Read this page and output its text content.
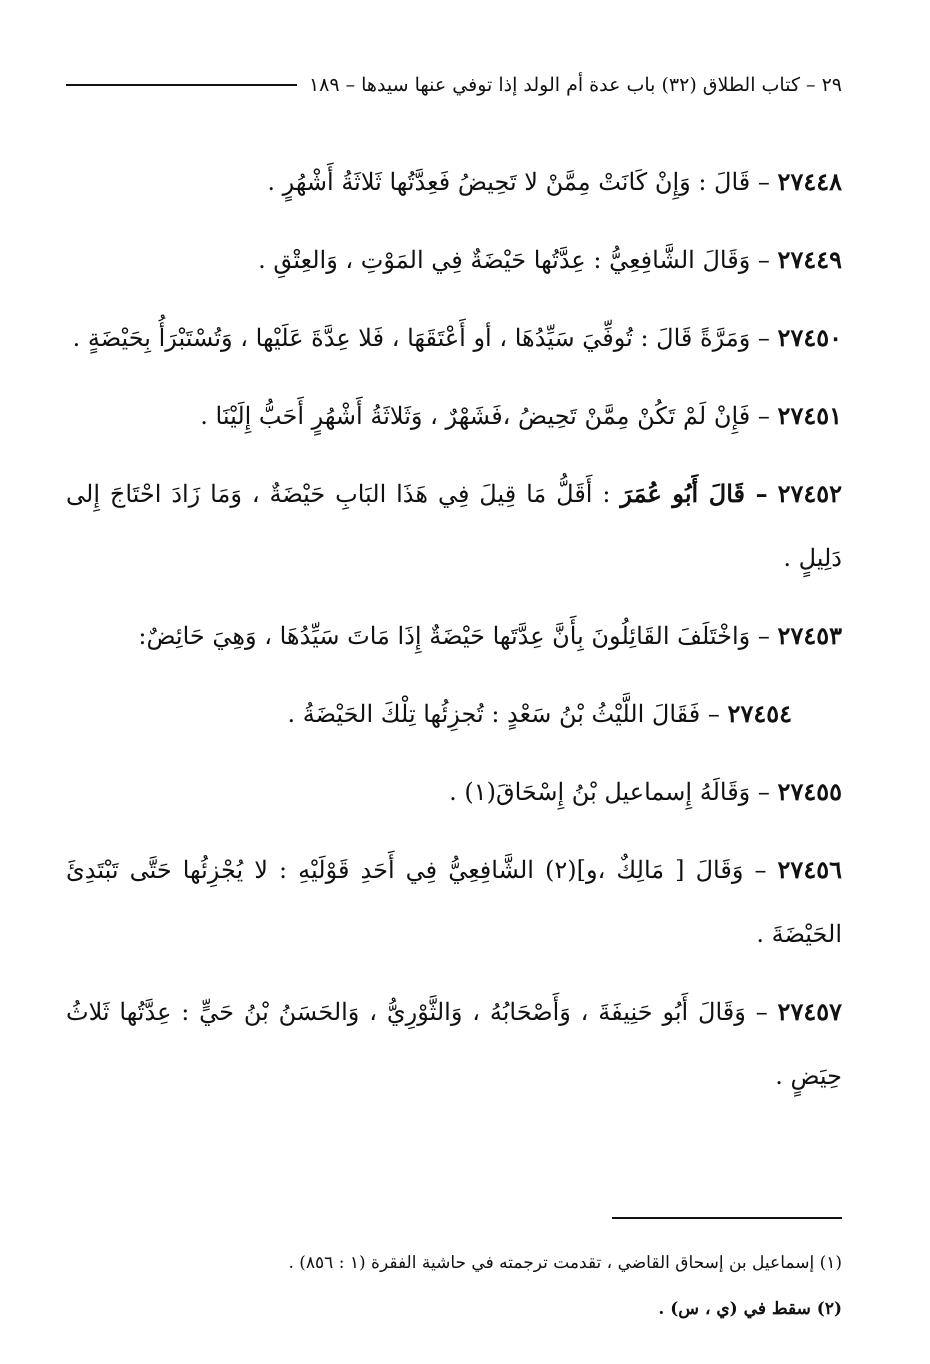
٢٩ – كتاب الطلاق (٣٢) باب عدة أم الولد إذا توفي عنها سيدها – ١٨٩

٢٧٤٤٨ – قَالَ : وَإِنْ كَانَتْ مِمَّنْ لا تَحِيضُ فَعِدَّتُها ثَلاثَةُ أَشْهُرٍ .

٢٧٤٤٩ – وَقَالَ الشَّافِعِيُّ : عِدَّتُها حَيْضَةٌ فِي المَوْتِ ، وَالعِتْقِ .

٢٧٤٥٠ – وَمَرَّةً قَالَ : تُوفِّيَ سَيِّدُهَا ، أو أَعْتَقَهَا ، فَلا عِدَّةَ عَلَيْها ، وَتُسْتَبْرَأُ بِحَيْضَةٍ .

٢٧٤٥١ – فَإِنْ لَمْ تَكُنْ مِمَّنْ تَحِيضُ ،فَشَهْرٌ ، وَثَلاثَةُ أَشْهُرٍ أَحَبُّ إِلَيْنَا .

٢٧٤٥٢ – قَالَ أَبُو عُمَرَ : أَقَلُّ مَا قِيلَ فِي هَذَا البَابِ حَيْضَةٌ ، وَمَا زَادَ احْتَاجَ إِلى دَلِيلٍ .

٢٧٤٥٣ – وَاخْتَلَفَ القَائِلُونَ بِأَنَّ عِدَّتَها حَيْضَةٌ إِذَا مَاتَ سَيِّدُهَا ، وَهِيَ حَائِضٌ:

٢٧٤٥٤ – فَقَالَ اللَّيْثُ بْنُ سَعْدٍ : تُجزِئُها تِلْكَ الحَيْضَةُ .

٢٧٤٥٥ – وَقَالَهُ إِسماعيل بْنُ إِسْحَاقَ(١) .

٢٧٤٥٦ – وَقَالَ [ مَالِكٌ ،و](٢) الشَّافِعِيُّ فِي أَحَدِ قَوْلَيْهِ : لا يُجْزِئُها حَتَّى تَبْتَدِئَ الحَيْضَةَ .

٢٧٤٥٧ – وَقَالَ أَبُو حَنِيفَةَ ، وَأَصْحَابُهُ ، وَالثَّوْرِيُّ ، وَالحَسَنُ بْنُ حَيٍّ : عِدَّتُها ثَلاثُ حِيَضٍ .

(١) إسماعيل بن إسحاق القاضي ، تقدمت ترجمته في حاشية الفقرة (١ : ٨٥٦) .

(٢) سقط في (ي ، س) .
